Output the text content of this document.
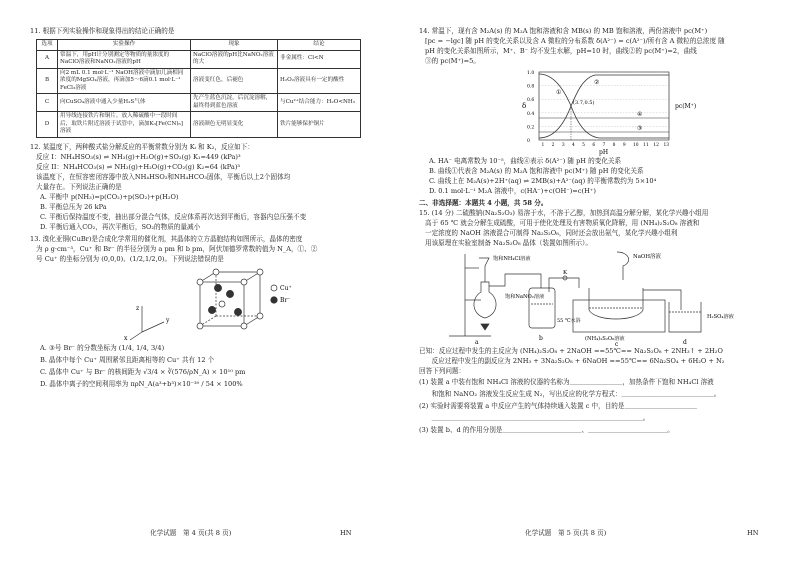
11. 根据下列实验操作和现象得出的结论正确的是
选项	实验操作	现象	结论
A	常温下，用pH计分别测定等物质的量浓度的NaClO溶液和NaNO₂溶液的pH	NaClO溶液的pH比NaNO₂溶液的大	非金属性：Cl<N
B	向2 mL 0.1 mol·L⁻¹ NaOH溶液中滴加几滴相同浓度的MgSO₄溶液，再滴加5～6滴0.1 mol·L⁻¹ FeCl₃溶液	溶液变红色，后褪色	H₂O₂溶液具有一定的酸性
C	向CuSO₄溶液中通入少量H₂S气体	先产生蓝色沉淀，后沉淀溶解，最终得到蓝色溶液	与Cu²⁺结合能力：H₂O<NH₃
D	用导线连接铁片和铜片，放入稀硫酸中一段时间后，取铁片附近溶液于试管中，滴加K₃[Fe(CN)₆]溶液	溶液颜色无明显变化	铁片能够保护铜片
12. 某温度下，两种酸式盐分解反应的平衡常数分别为 Kᵢ 和 K₂，反应如下：
反应 I：NH₄HSO₃(s) ⇌ NH₃(g)+H₂O(g)+SO₂(g) K₁=449 (kPa)³
反应 II：NH₄HCO₃(s) ⇌ NH₃(g)+H₂O(g)+CO₂(g) K₂=64 (kPa)³
该温度下，在恒容密闭容器中放入NH₄HSO₃和NH₄HCO₃固体，平衡后以上2个固体均
大量存在。下列说法正确的是
A. 平衡中 p(NH₃)=p(CO₂)+p(SO₂)+p(H₂O)
B. 平衡总压为 26 kPa
C. 平衡后保持温度不变，抽出部分混合气体，反应体系再次达到平衡后，容器内总压强不变
D. 平衡后通入CO₂，再次平衡后，SO₂的物质的量减小
13. 溴化亚铜(CuBr)是合成化学常用的催化剂，其晶体的立方晶胞结构如图所示，晶体的密度
为 ρ g·cm⁻³，Cu⁺ 和 Br⁻ 的半径分别为 a pm 和 b pm，阿伏加德罗常数的值为 N_A，①、②
号 Cu⁺ 的坐标分别为 (0,0,0)、(1/2,1/2,0)。下列说法错误的是
z
y
x
Cu⁺
Br⁻
A. ③号 Br⁻ 的分数坐标为 (1/4, 1/4, 3/4)
B. 晶体中每个 Cu⁺ 周围紧邻且距离相等的 Cu⁺ 共有 12 个
C. 晶体中 Cu⁺ 与 Br⁻ 的核间距为 √3/4 × ∛(576/ρN_A) × 10¹⁰ pm
D. 晶体中离子的空间利用率为 πρN_A(a³+b³)×10⁻³⁰ / 54 × 100%
化学试题　第 4 页(共 8 页)	HN
14. 常温下，现有含 M₂A(s) 的 M₂A 饱和溶液和含 MB(s) 的 MB 饱和溶液，两份溶液中 pc(M⁺)
[pc = −lgc] 随 pH 的变化关系以及含 A 微粒的分布系数 δ(A²⁻) = c(A²⁻)/所有含 A 微粒的总浓度 随
pH 的变化关系如图所示，M⁺、B⁻ 均不发生水解，pH=10 时，曲线②的 pc(M⁺)=2，曲线
③的 pc(M⁺)=5。
0
0.2
0.4
0.6
0.8
1.0
1 2 3 4 5 6 7 8 9 10 11 12 13
①
②
③
④
(3.7,0.5)
δ	pc(M⁺)
pH
A. HA⁻ 电离常数为 10⁻⁵，曲线④表示 δ(A²⁻) 随 pH 的变化关系
B. 曲线①代表含 M₂A(s) 的 M₂A 饱和溶液中 pc(M⁺) 随 pH 的变化关系
C. 曲线上在 M₂A(s)+2H⁺(aq) ⇌ 2MB(s)+A²⁻(aq) 的平衡常数约为 5×10⁴
D. 0.1 mol·L⁻¹ M₂A 溶液中，c(HA⁻)+c(OH⁻)=c(H⁺)
二、非选择题：本题共 4 小题，共 58 分。
15. (14 分) 二硫酸钠(Na₂S₂O₃) 易溶于水，不溶于乙醇，加热到高温分解分解，某化学兴趣小组用
高于 65 ℃ 就会分解生成硫酸，可用于使化处理及有害物质氧化降解，用 (NH₄)₂S₂O₈ 溶液和
一定浓度的 NaOH 溶液混合可制得 Na₂S₂O₈，同时还会放出氨气，某化学兴趣小组利
用该原理在实验室制备 Na₂S₂O₈ 晶体（装置如图所示）。
饱和NH₄Cl溶液
饱和NaNO₂溶液
K
NaOH溶液
55 ℃水浴
(NH₄)₂S₂O₈溶液
H₂SO₄溶液
a
b
c	d
已知：反应过程中发生的主反应为 (NH₄)₂S₂O₈ + 2NaOH ==55℃== Na₂S₂O₈ + 2NH₃↑ + 2H₂O
　反应过程中发生的副反应为 2NH₃ + 3Na₂S₂O₈ + 6NaOH ==55℃== 6Na₂SO₄ + 6H₂O + N₂
回答下列问题：
(1) 装置 a 中装有饱和 NH₄Cl 溶液的仪器的名称为＿＿＿＿＿＿＿＿，加热条件下饱和 NH₄Cl 溶液
　和饱和 NaNO₂ 溶液发生反应生成 N₂，写出反应的化学方程式：＿＿＿＿＿＿＿＿＿＿＿＿＿＿。
(2) 实验时需要将装置 a 中反应产生的气体持续通入装置 c 中，目的是＿＿＿＿＿＿＿＿＿＿＿
　＿＿＿＿＿＿＿＿＿＿＿＿＿＿＿＿＿＿＿＿＿＿＿＿＿＿＿＿＿＿＿＿。
(3) 装置 b、d 的作用分别是＿＿＿＿＿＿＿＿＿＿＿＿、＿＿＿＿＿＿＿＿＿＿＿＿。
化学试题　第 5 页(共 8 页)	HN
